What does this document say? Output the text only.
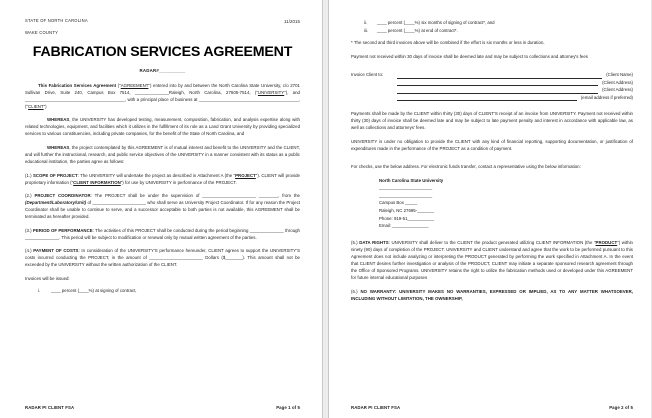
STATE OF NORTH CAROLINA	11/2015
WAKE COUNTY
FABRICATION SERVICES AGREEMENT
RADAR#__________

This Fabrication Services Agreement ("AGREEMENT") entered into by and between the North Carolina State University, c/o 2701 Sullivan Drive, Suite 240, Campus Box 7514, ______________Raleigh, North Carolina, 27605-7514, ("UNIVERSITY"), and _________________________________________, with a principal place of business at _________________________________________, ("CLIENT")

WHEREAS, the UNIVERSITY has developed testing, measurement, composition, fabrication, and analysis expertise along with related technologies, equipment, and facilities which it utilizes in the fulfillment of its role as a Land Grant University by providing specialized services to various constituencies, including private companies, for the benefit of the State of North Carolina, and

WHEREAS, the project contemplated by this AGREEMENT is of mutual interest and benefit to the UNIVERSITY and the CLIENT, and will further the instructional, research, and public service objectives of the UNIVERSITY in a manner consistent with its status as a public educational institution, the parties agree as follows:

(1.) SCOPE OF PROJECT: The UNIVERSITY will undertake the project as described in Attachment A (the "PROJECT"). CLIENT will provide proprietary information ("CLIENT INFORMATION") for use by UNIVERSITY in performance of the PROJECT.

(2.) PROJECT COORDINATOR: The PROJECT shall be under the supervision of ______________________ ________, from the (Department/Laboratory/Unit) of ______________________ who shall serve as University Project Coordinator. If for any reason the Project Coordinator shall be unable to continue to serve, and a successor acceptable to both parties is not available, this AGREEMENT shall be terminated as hereafter provided.

(3.) PERIOD OF PERFORMANCE: The activities of this PROJECT shall be conducted during the period beginning ______________ through ______________. This period will be subject to modification or renewal only by mutual written agreement of the parties.

(4.) PAYMENT OF COSTS: In consideration of the UNIVERSITY'S performance hereunder, CLIENT agrees to support the UNIVERSITY'S costs incurred conducting the PROJECT, in the amount of ______________________ Dollars ($_______). This amount shall not be exceeded by the UNIVERSITY without the written authorization of the CLIENT.

Invoices will be issued:

i.	____ percent (____%) at signing of contract,
RADAR PI CLIENT FSA	Page 1 of 5
ii.	____ percent (____%) six months of signing of contract*, and
iii.	____ percent (____%) at end of contract*.

* The second and third invoices above will be combined if the effort is six months or less in duration.

Payment not received within 30 days of invoice shall be deemed late and may be subject to collections and attorney's fees

Invoice Client to:	(Client Name)
(Client Address)
(Client Address)
(email address if preferred)

Payments shall be made by the CLIENT within thirty (30) days of CLIENT'S receipt of an invoice from UNIVERSITY. Payment not received within thirty (30) days of invoice shall be deemed late and may be subject to late payment penalty and interest in accordance with applicable law, as well as collections and attorneys' fees.

UNIVERSITY is under no obligation to provide the CLIENT with any kind of financial reporting, supporting documentation, or justification of expenditures made in the performance of the PROJECT as a condition of payment.

For checks, use the below address. For electronic funds transfer, contact a representative using the below information:

North Carolina State University
______________________
______________________
Campus Box _____
Raleigh, NC 27695-_______
Phone: 919-51___________
Email: _______________

(5.) DATA RIGHTS: UNIVERSITY shall deliver to the CLIENT the product generated utilizing CLIENT INFORMATION (the "PRODUCT") within ninety (90) days of completion of the PROJECT. UNIVERSITY and CLIENT understand and agree that the work to be performed pursuant to this Agreement does not include analyzing or interpreting the PRODUCT generated by performing the work specified in Attachment A. In the event that CLIENT desires further investigation or analysis of the PRODUCT, CLIENT may initiate a separate sponsored research agreement through the Office of Sponsored Programs. UNIVERSITY retains the right to utilize the fabrication methods used or developed under this AGREEMENT for future internal educational purposes

(6.) NO WARRANTY: UNIVERSITY MAKES NO WARRANTIES, EXPRESSED OR IMPLIED, AS TO ANY MATTER WHATSOEVER, INCLUDING WITHOUT LIMITATION, THE OWNERSHIP,

RADAR PI CLIENT FSA	Page 2 of 5
